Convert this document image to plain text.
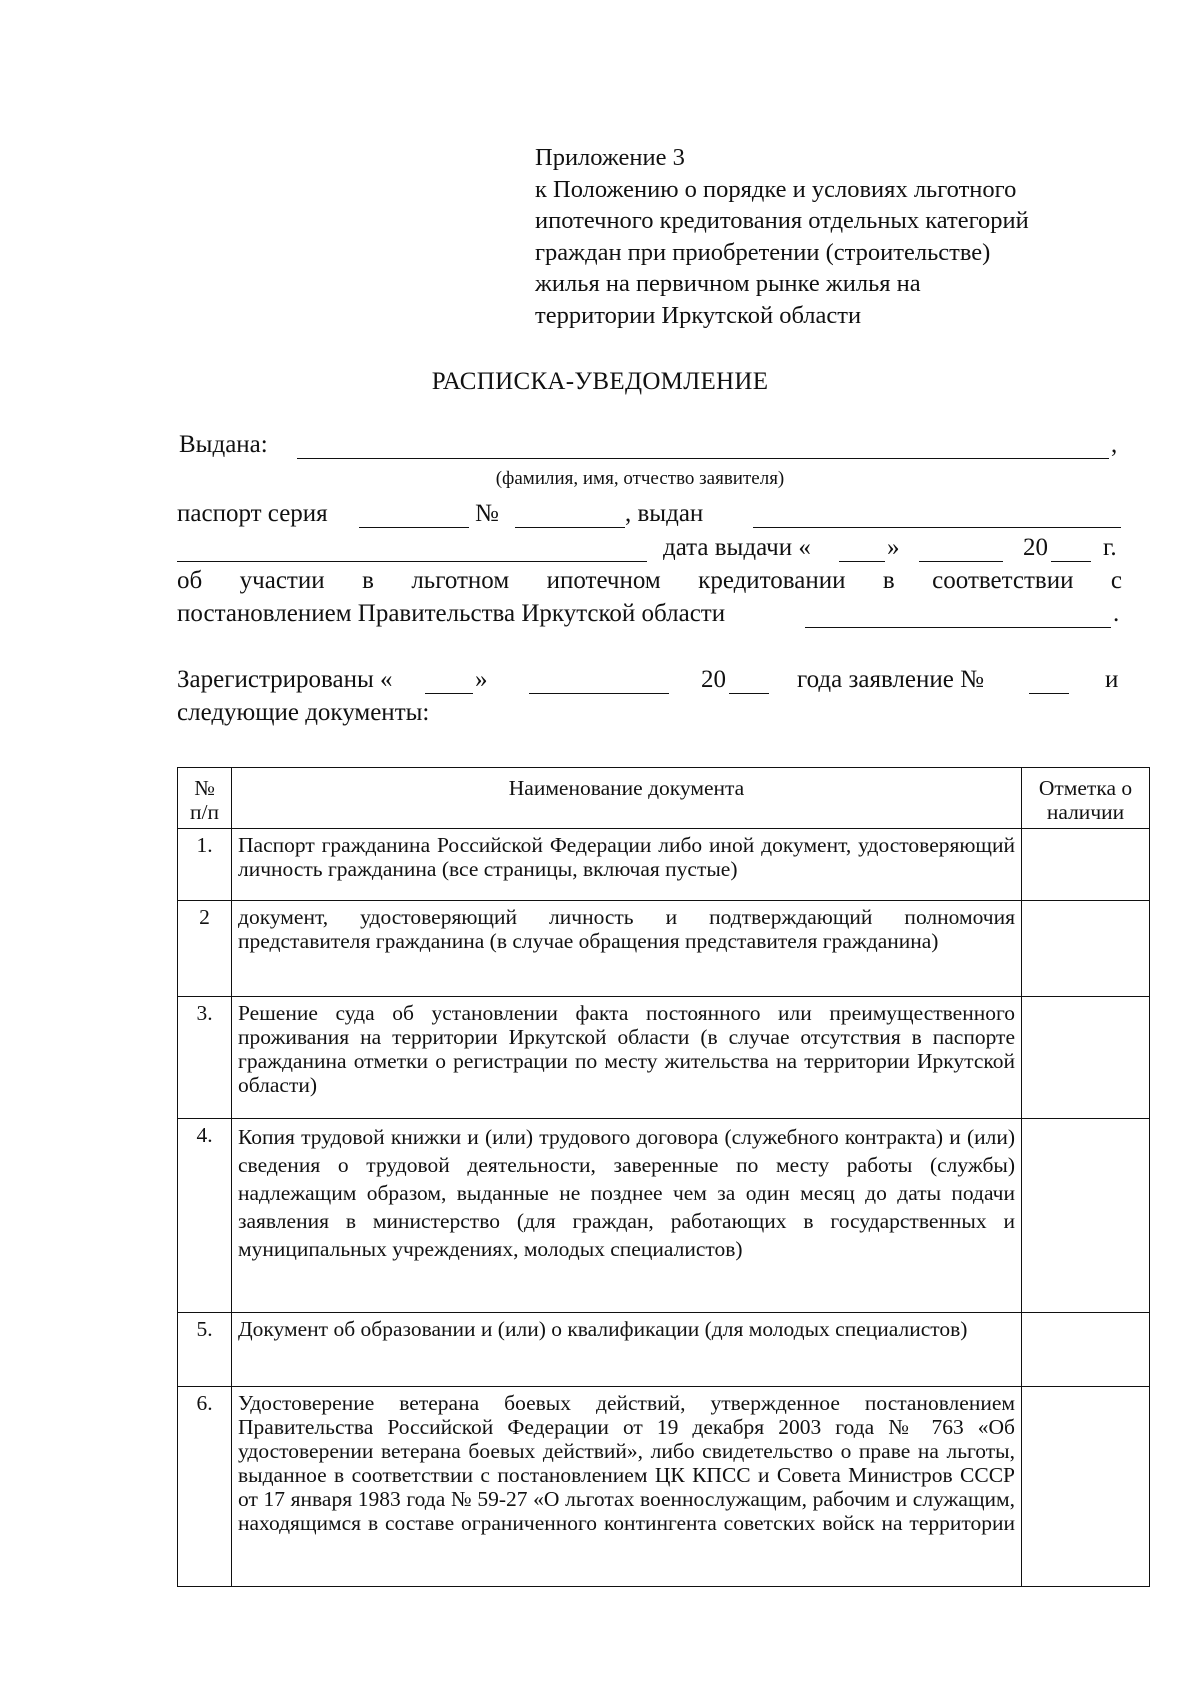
Приложение 3
к Положению о порядке и условиях льготного
ипотечного кредитования отдельных категорий
граждан при приобретении (строительстве)
жилья на первичном рынке жилья на
территории Иркутской области
РАСПИСКА-УВЕДОМЛЕНИЕ
Выдана:	,
(фамилия, имя, отчество заявителя)
паспорт серия	№	, выдан
дата выдачи «	»	20 г.
об участии в льготном ипотечном кредитовании в соответствии с
постановлением Правительства Иркутской области	.
Зарегистрированы «	»	20	года заявление №	и
следующие документы:
№ п/п	Наименование документа	Отметка о наличии
1.	Паспорт гражданина Российской Федерации либо иной документ, удостоверяющий личность гражданина (все страницы, включая пустые)	
2	документ, удостоверяющий личность и подтверждающий полномочия представителя гражданина (в случае обращения представителя гражданина)	
3.	Решение суда об установлении факта постоянного или преимущественного проживания на территории Иркутской области (в случае отсутствия в паспорте гражданина отметки о регистрации по месту жительства на территории Иркутской области)	
4.	Копия трудовой книжки и (или) трудового договора (служебного контракта) и (или) сведения о трудовой деятельности, заверенные по месту работы (службы) надлежащим образом, выданные не позднее чем за один месяц до даты подачи заявления в министерство (для граждан, работающих в государственных и муниципальных учреждениях, молодых специалистов)	
5.	Документ об образовании и (или) о квалификации (для молодых специалистов)	
6.	Удостоверение ветерана боевых действий, утвержденное постановлением Правительства Российской Федерации от 19 декабря 2003 года № 763 «Об удостоверении ветерана боевых действий», либо свидетельство о праве на льготы, выданное в соответствии с постановлением ЦК КПСС и Совета Министров СССР от 17 января 1983 года № 59-27 «О льготах военнослужащим, рабочим и служащим, находящимся в составе ограниченного контингента советских войск на территории	
